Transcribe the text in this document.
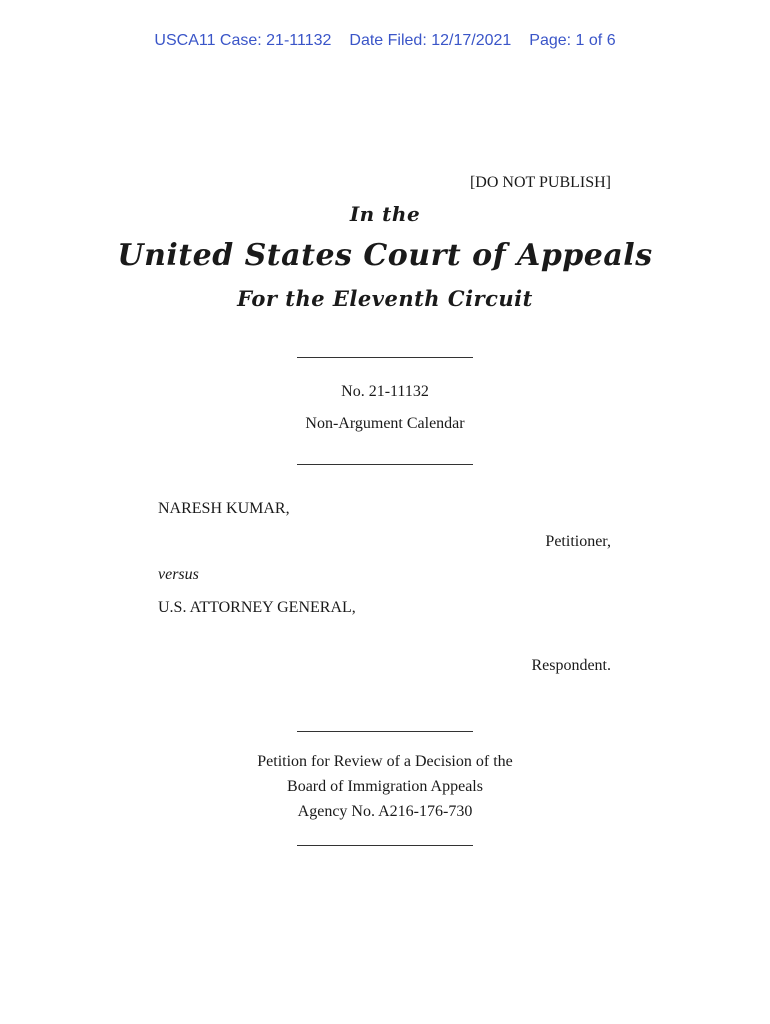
USCA11 Case: 21-11132 Date Filed: 12/17/2021 Page: 1 of 6
[DO NOT PUBLISH]
In the
United States Court of Appeals
For the Eleventh Circuit
No. 21-11132
Non-Argument Calendar
NARESH KUMAR,
Petitioner,
versus
U.S. ATTORNEY GENERAL,
Respondent.
Petition for Review of a Decision of the
Board of Immigration Appeals
Agency No. A216-176-730
